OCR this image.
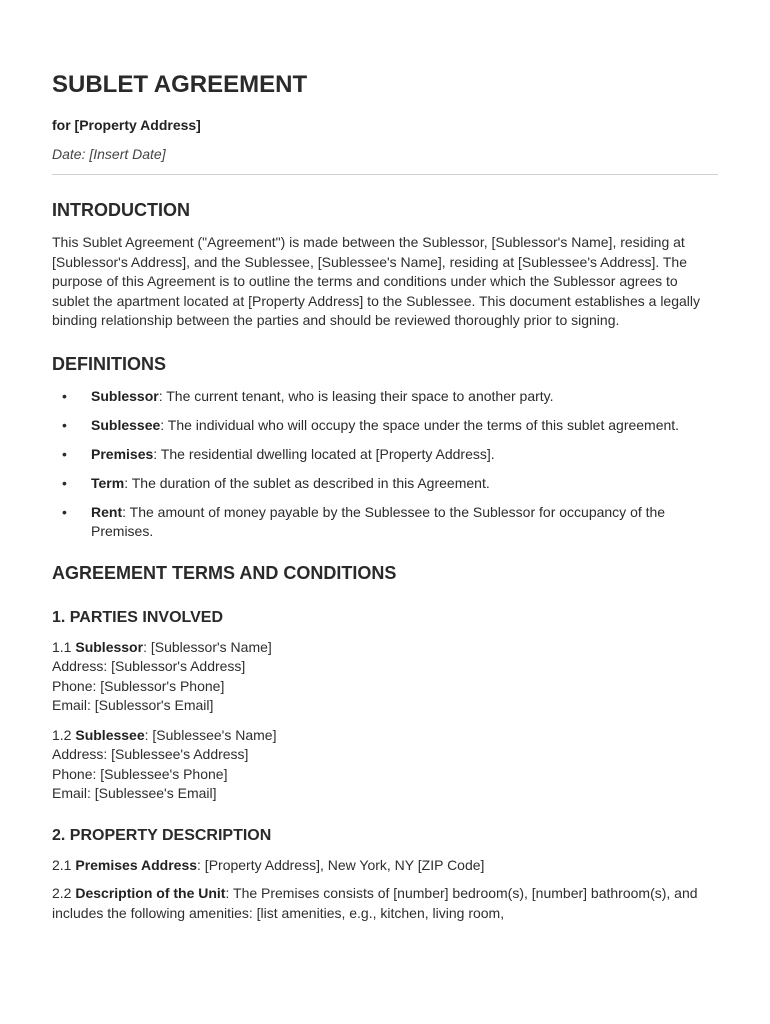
SUBLET AGREEMENT
for [Property Address]
Date: [Insert Date]
INTRODUCTION

This Sublet Agreement ("Agreement") is made between the Sublessor, [Sublessor's Name], residing at [Sublessor's Address], and the Sublessee, [Sublessee's Name], residing at [Sublessee's Address]. The purpose of this Agreement is to outline the terms and conditions under which the Sublessor agrees to sublet the apartment located at [Property Address] to the Sublessee. This document establishes a legally binding relationship between the parties and should be reviewed thoroughly prior to signing.

DEFINITIONS
• Sublessor: The current tenant, who is leasing their space to another party.
• Sublessee: The individual who will occupy the space under the terms of this sublet agreement.
• Premises: The residential dwelling located at [Property Address].
• Term: The duration of the sublet as described in this Agreement.
• Rent: The amount of money payable by the Sublessee to the Sublessor for occupancy of the Premises.
AGREEMENT TERMS AND CONDITIONS
1. PARTIES INVOLVED

1.1 Sublessor: [Sublessor's Name]

Address: [Sublessor's Address]

Phone: [Sublessor's Phone]

Email: [Sublessor's Email]

1.2 Sublessee: [Sublessee's Name]

Address: [Sublessee's Address]

Phone: [Sublessee's Phone]

Email: [Sublessee's Email]

2. PROPERTY DESCRIPTION

2.1 Premises Address: [Property Address], New York, NY [ZIP Code]

2.2 Description of the Unit: The Premises consists of [number] bedroom(s), [number] bathroom(s), and includes the following amenities: [list amenities, e.g., kitchen, living room,
